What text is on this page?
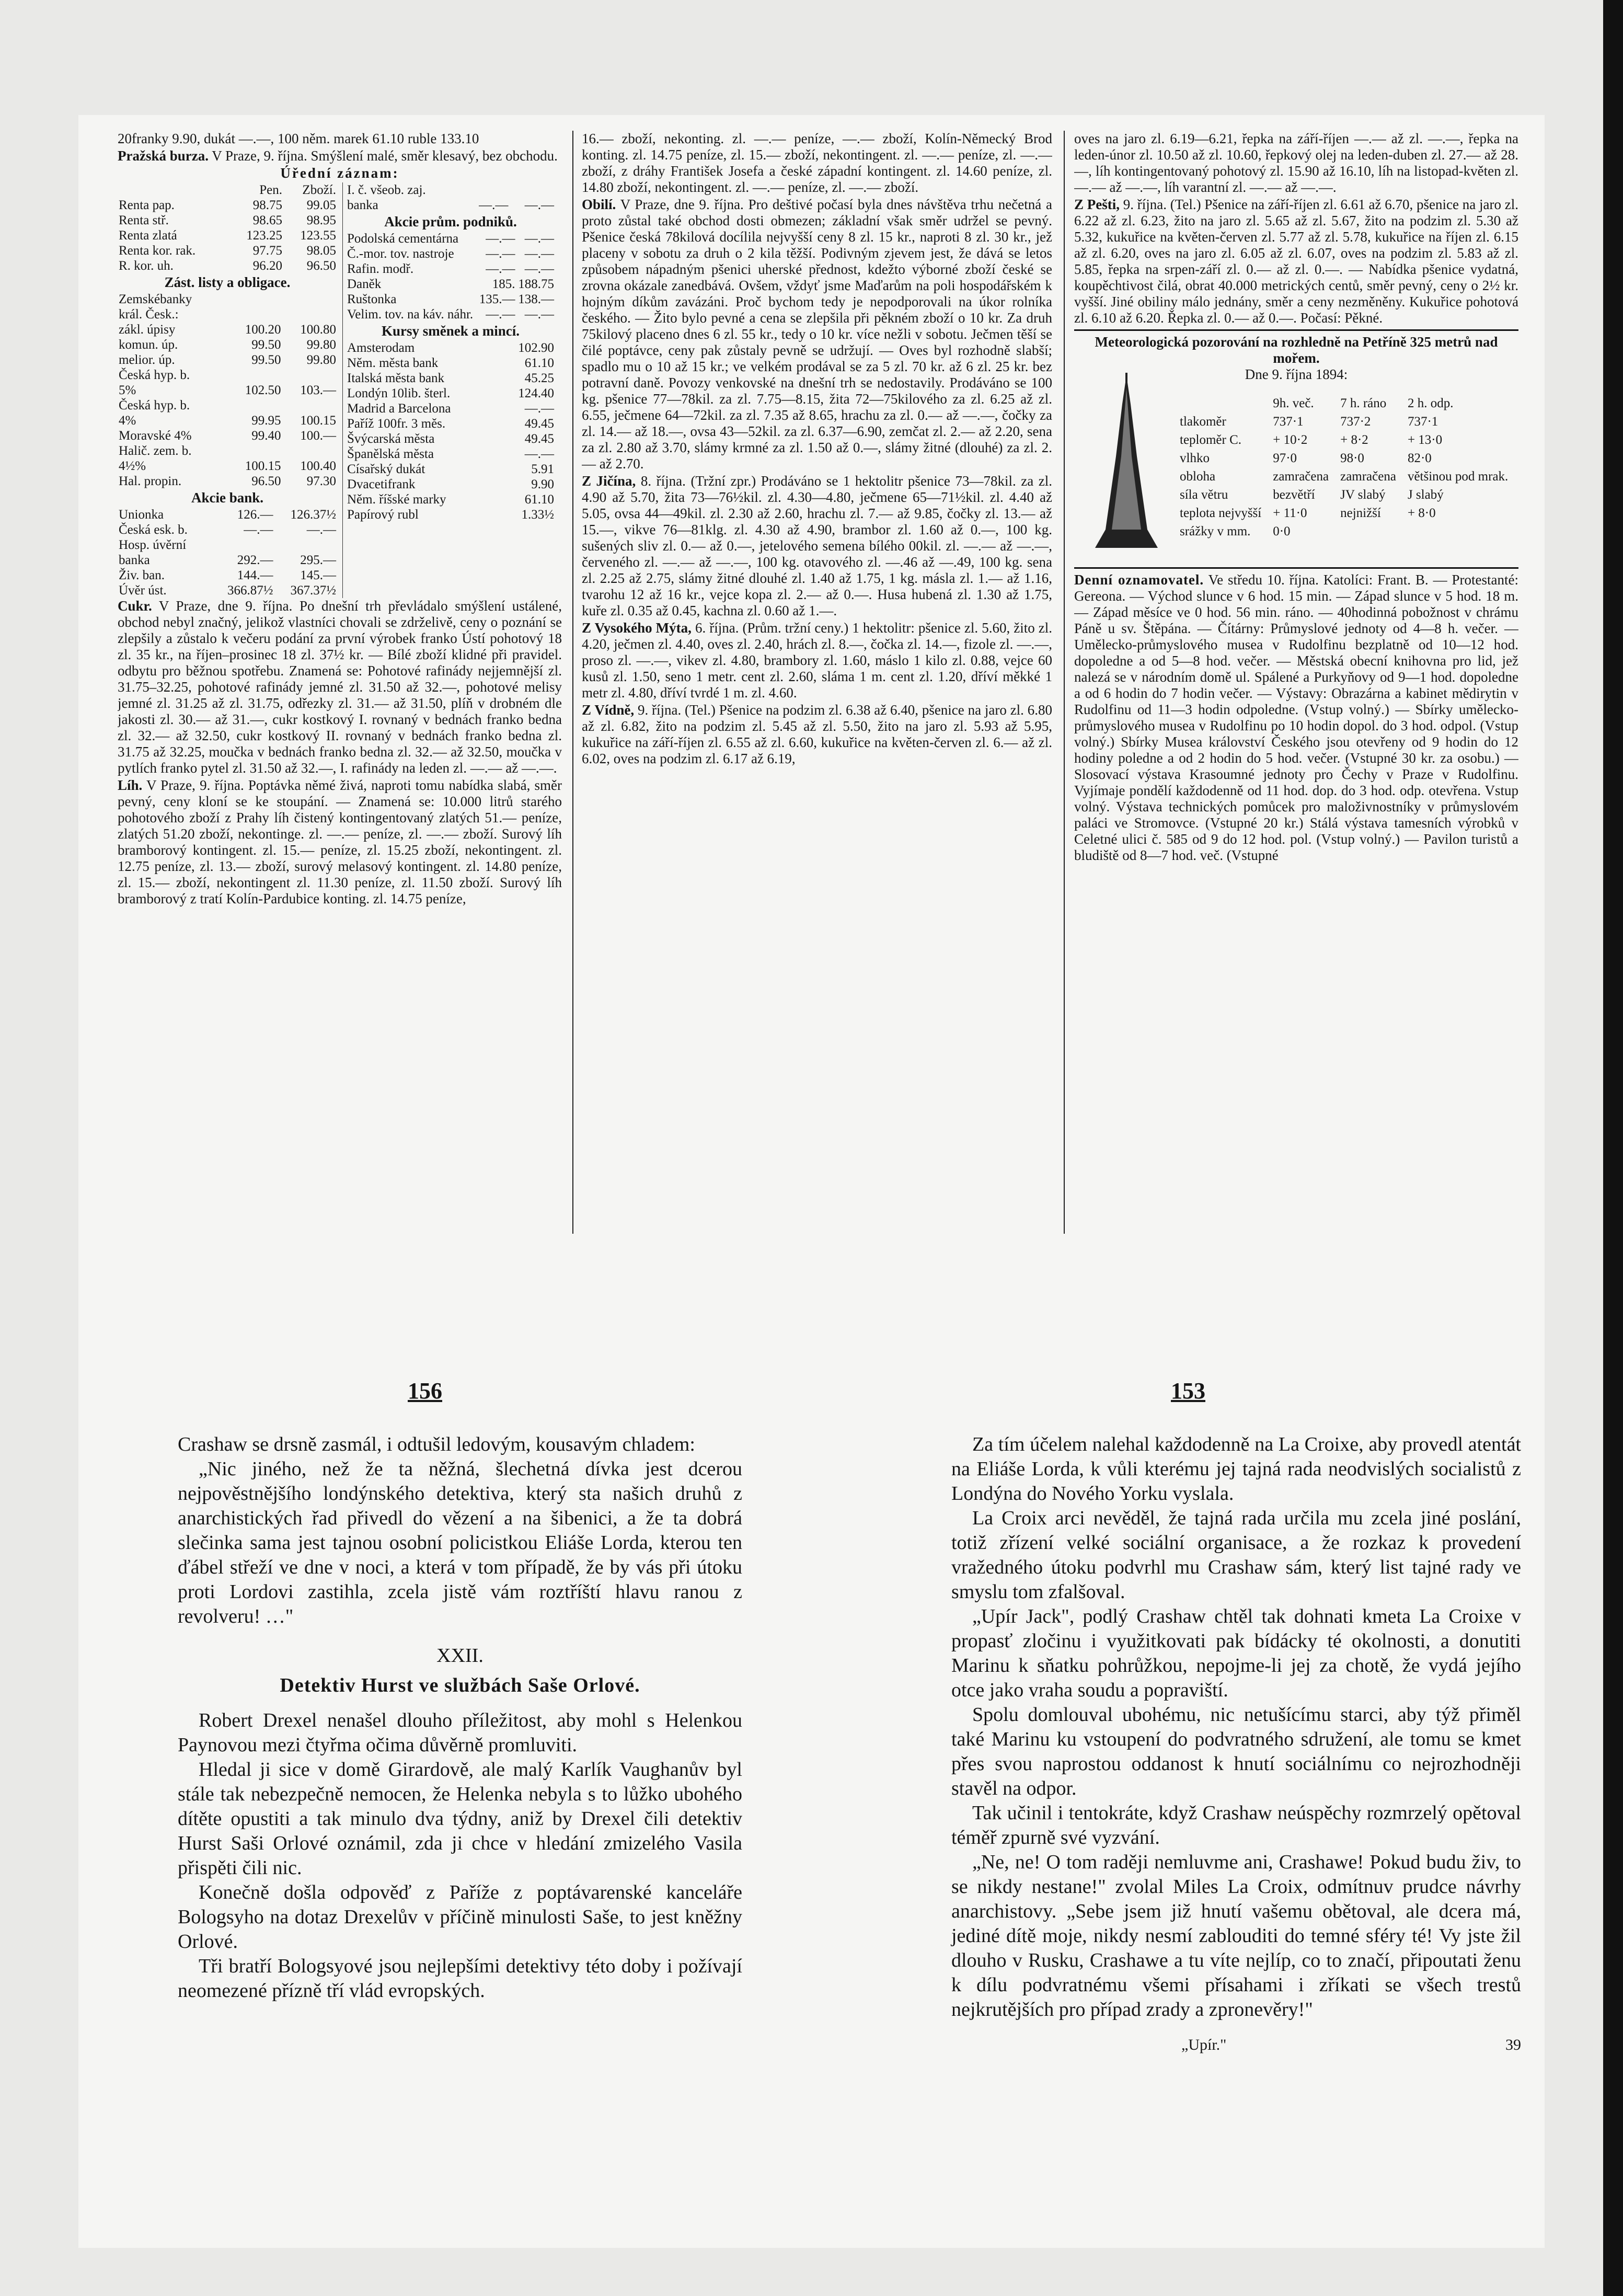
20franky 9.90, dukát —.—, 100 něm. marek 61.10 ruble 133.10

Pražská burza. V Praze, 9. října. Smýšlení malé, směr klesavý, bez obchodu.

Úřední záznam:
	Pen.	Zboží.
Renta pap.	98.75	99.05
Renta stř.	98.65	98.95
Renta zlatá	123.25	123.55
Renta kor. rak.	97.75	98.05
R. kor. uh.	96.20	96.50
Zást. listy a obligace.
Zemskébanky		
král. Česk.:		
zákl. úpisy	100.20	100.80
komun. úp.	99.50	99.80
melior. úp.	99.50	99.80
Česká hyp. b.		
5%	102.50	103.—
Česká hyp. b.		
4%	99.95	100.15
Moravské 4%	99.40	100.—
Halič. zem. b.		
4½%	100.15	100.40
Hal. propin.	96.50	97.30
Akcie bank.
Unionka	126.—	126.37½
Česká esk. b.	—.—	—.—
Hosp. úvěrní		
banka	292.—	295.—
Živ. ban.	144.—	145.—
Úvěr úst.	366.87½	367.37½
I. č. všeob. zaj.		
banka	—.—	—.—
Akcie prům. podniků.
Podolská cementárna	—.—	—.—
Č.-mor. tov. nastroje	—.—	—.—
Rafin. modř.	—.—	—.—
Daněk	185.	188.75
Ruštonka	135.—	138.—
Velim. tov. na káv. náhr.	—.—	—.—
Kursy směnek a mincí.
Amsterodam	102.90
Něm. města bank	61.10
Italská města bank	45.25
Londýn 10lib. šterl.	124.40
Madrid a Barcelona	—.—
Paříž 100fr. 3 měs.	49.45
Švýcarská města	49.45
Španělská města	—.—
Císařský dukát	5.91
Dvacetifrank	9.90
Něm. říšské marky	61.10
Papírový rubl	1.33½

Cukr. V Praze, dne 9. října. Po dnešní trh převládalo smýšlení ustálené, obchod nebyl značný, jelikož vlastníci chovali se zdrželivě, ceny o poznání se zlepšily a zůstalo k večeru podání za první výrobek franko Ústí pohotový 18 zl. 35 kr., na říjen–prosinec 18 zl. 37½ kr. — Bílé zboží klidné při pravidel. odbytu pro běžnou spotřebu. Znamená se: Pohotové rafinády nejjemnější zl. 31.75–32.25, pohotové rafinády jemné zl. 31.50 až 32.—, pohotové melisy jemné zl. 31.25 až zl. 31.75, odřezky zl. 31.— až 31.50, plíň v drobném dle jakosti zl. 30.— až 31.—, cukr kostkový I. rovnaný v bednách franko bedna zl. 32.— až 32.50, cukr kostkový II. rovnaný v bednách franko bedna zl. 31.75 až 32.25, moučka v bednách franko bedna zl. 32.— až 32.50, moučka v pytlích franko pytel zl. 31.50 až 32.—, I. rafinády na leden zl. —.— až —.—.

Líh. V Praze, 9. října. Poptávka němé živá, naproti tomu nabídka slabá, směr pevný, ceny kloní se ke stoupání. — Znamená se: 10.000 litrů starého pohotového zboží z Prahy líh čistený kontingentovaný zlatých 51.— peníze, zlatých 51.20 zboží, nekontinge. zl. —.— peníze, zl. —.— zboží. Surový líh bramborový kontingent. zl. 15.— peníze, zl. 15.25 zboží, nekontingent. zl. 12.75 peníze, zl. 13.— zboží, surový melasový kontingent. zl. 14.80 peníze, zl. 15.— zboží, nekontingent zl. 11.30 peníze, zl. 11.50 zboží. Surový líh bramborový z tratí Kolín-Pardubice konting. zl. 14.75 peníze,

16.— zboží, nekonting. zl. —.— peníze, —.— zboží, Kolín-Německý Brod konting. zl. 14.75 peníze, zl. 15.— zboží, nekontingent. zl. —.— peníze, zl. —.— zboží, z dráhy František Josefa a české západní kontingent. zl. 14.60 peníze, zl. 14.80 zboží, nekontingent. zl. —.— peníze, zl. —.— zboží.

Obilí. V Praze, dne 9. října. Pro deštivé počasí byla dnes návštěva trhu nečetná a proto zůstal také obchod dosti obmezen; základní však směr udržel se pevný. Pšenice česká 78kilová docílila nejvyšší ceny 8 zl. 15 kr., naproti 8 zl. 30 kr., jež placeny v sobotu za druh o 2 kila těžší. Podivným zjevem jest, že dává se letos způsobem nápadným pšenici uherské přednost, kdežto výborné zboží české se zrovna okázale zanedbává. Ovšem, vždyť jsme Maďarům na poli hospodářském k hojným díkům zavázáni. Proč bychom tedy je nepodporovali na úkor rolníka českého. — Žito bylo pevné a cena se zlepšila při pěkném zboží o 10 kr. Za druh 75kilový placeno dnes 6 zl. 55 kr., tedy o 10 kr. více nežli v sobotu. Ječmen těší se čilé poptávce, ceny pak zůstaly pevně se udržují. — Oves byl rozhodně slabší; spadlo mu o 10 až 15 kr.; ve velkém prodával se za 5 zl. 70 kr. až 6 zl. 25 kr. bez potravní daně. Povozy venkovské na dnešní trh se nedostavily. Prodáváno se 100 kg. pšenice 77—78kil. za zl. 7.75—8.15, žita 72—75kilového za zl. 6.25 až zl. 6.55, ječmene 64—72kil. za zl. 7.35 až 8.65, hrachu za zl. 0.— až —.—, čočky za zl. 14.— až 18.—, ovsa 43—52kil. za zl. 6.37—6.90, zemčat zl. 2.— až 2.20, sena za zl. 2.80 až 3.70, slámy krmné za zl. 1.50 až 0.—, slámy žitné (dlouhé) za zl. 2.— až 2.70.

Z Jičína, 8. října. (Tržní zpr.) Prodáváno se 1 hektolitr pšenice 73—78kil. za zl. 4.90 až 5.70, žita 73—76½kil. zl. 4.30—4.80, ječmene 65—71½kil. zl. 4.40 až 5.05, ovsa 44—49kil. zl. 2.30 až 2.60, hrachu zl. 7.— až 9.85, čočky zl. 13.— až 15.—, vikve 76—81klg. zl. 4.30 až 4.90, brambor zl. 1.60 až 0.—, 100 kg. sušených sliv zl. 0.— až 0.—, jetelového semena bílého 00kil. zl. —.— až —.—, červeného zl. —.— až —.—, 100 kg. otavového zl. —.46 až —.49, 100 kg. sena zl. 2.25 až 2.75, slámy žitné dlouhé zl. 1.40 až 1.75, 1 kg. másla zl. 1.— až 1.16, tvarohu 12 až 16 kr., vejce kopa zl. 2.— až 0.—. Husa hubená zl. 1.30 až 1.75, kuře zl. 0.35 až 0.45, kachna zl. 0.60 až 1.—.

Z Vysokého Mýta, 6. října. (Prům. tržní ceny.) 1 hektolitr: pšenice zl. 5.60, žito zl. 4.20, ječmen zl. 4.40, oves zl. 2.40, hrách zl. 8.—, čočka zl. 14.—, fizole zl. —.—, proso zl. —.—, vikev zl. 4.80, brambory zl. 1.60, máslo 1 kilo zl. 0.88, vejce 60 kusů zl. 1.50, seno 1 metr. cent zl. 2.60, sláma 1 m. cent zl. 1.20, dříví měkké 1 metr zl. 4.80, dříví tvrdé 1 m. zl. 4.60.

Z Vídně, 9. října. (Tel.) Pšenice na podzim zl. 6.38 až 6.40, pšenice na jaro zl. 6.80 až zl. 6.82, žito na podzim zl. 5.45 až zl. 5.50, žito na jaro zl. 5.93 až 5.95, kukuřice na září-říjen zl. 6.55 až zl. 6.60, kukuřice na květen-červen zl. 6.— až zl. 6.02, oves na podzim zl. 6.17 až 6.19,

oves na jaro zl. 6.19—6.21, řepka na září-říjen —.— až zl. —.—, řepka na leden-únor zl. 10.50 až zl. 10.60, řepkový olej na leden-duben zl. 27.— až 28.—, líh kontingentovaný pohotový zl. 15.90 až 16.10, líh na listopad-květen zl. —.— až —.—, líh varantní zl. —.— až —.—.

Z Pešti, 9. října. (Tel.) Pšenice na září-říjen zl. 6.61 až 6.70, pšenice na jaro zl. 6.22 až zl. 6.23, žito na jaro zl. 5.65 až zl. 5.67, žito na podzim zl. 5.30 až 5.32, kukuřice na květen-červen zl. 5.77 až zl. 5.78, kukuřice na říjen zl. 6.15 až zl. 6.20, oves na jaro zl. 6.05 až zl. 6.07, oves na podzim zl. 5.83 až zl. 5.85, řepka na srpen-září zl. 0.— až zl. 0.—. — Nabídka pšenice vydatná, koupěchtivost čilá, obrat 40.000 metrických centů, směr pevný, ceny o 2½ kr. vyšší. Jiné obiliny málo jednány, směr a ceny nezměněny. Kukuřice pohotová zl. 6.10 až 6.20. Řepka zl. 0.— až 0.—. Počasí: Pěkné.

Meteorologická pozorování na rozhledně na Petříně 325 metrů nad mořem.
Dne 9. října 1894:
	9h. več.	7 h. ráno	2 h. odp.
tlakoměr	737·1	737·2	737·1
teploměr C.	+ 10·2	+ 8·2	+ 13·0
vlhko	97·0	98·0	82·0
obloha	zamračena	zamračena	většinou pod mrak.
síla větru	bezvětří	JV slabý	J slabý
teplota nejvyšší	+ 11·0	nejnižší	+ 8·0
srážky v mm.	0·0		

Denní oznamovatel. Ve středu 10. října. Katolíci: Frant. B. — Protestanté: Gereona. — Východ slunce v 6 hod. 15 min. — Západ slunce v 5 hod. 18 m. — Západ měsíce ve 0 hod. 56 min. ráno. — 40hodinná pobožnost v chrámu Páně u sv. Štěpána. — Čítárny: Průmyslové jednoty od 4—8 h. večer. — Umělecko-průmyslového musea v Rudolfinu bezplatně od 10—12 hod. dopoledne a od 5—8 hod. večer. — Městská obecní knihovna pro lid, jež nalezá se v národním domě ul. Spálené a Purkyňovy od 9—1 hod. dopoledne a od 6 hodin do 7 hodin večer. — Výstavy: Obrazárna a kabinet mědirytin v Rudolfinu od 11—3 hodin odpoledne. (Vstup volný.) — Sbírky umělecko-průmyslového musea v Rudolfinu po 10 hodin dopol. do 3 hod. odpol. (Vstup volný.) Sbírky Musea království Českého jsou otevřeny od 9 hodin do 12 hodiny poledne a od 2 hodin do 5 hod. večer. (Vstupné 30 kr. za osobu.) — Slosovací výstava Krasoumné jednoty pro Čechy v Praze v Rudolfinu. Vyjímaje pondělí každodenně od 11 hod. dop. do 3 hod. odp. otevřena. Vstup volný. Výstava technických pomůcek pro maloživnostníky v průmyslovém paláci ve Stromovce. (Vstupné 20 kr.) Stálá výstava tamesních výrobků v Celetné ulici č. 585 od 9 do 12 hod. pol. (Vstup volný.) — Pavilon turistů a bludiště od 8—7 hod. več. (Vstupné

156	153

Crashaw se drsně zasmál, i odtušil ledovým, kousavým chladem:

„Nic jiného, než že ta něžná, šlechetná dívka jest dcerou nejpověstnějšího londýnského detektiva, který sta našich druhů z anarchistických řad přivedl do vězení a na šibenici, a že ta dobrá slečinka sama jest tajnou osobní policistkou Eliáše Lorda, kterou ten ďábel střeží ve dne v noci, a která v tom případě, že by vás při útoku proti Lordovi zastihla, zcela jistě vám roztříští hlavu ranou z revolveru! …"

XXII.
Detektiv Hurst ve službách Saše Orlové.

Robert Drexel nenašel dlouho příležitost, aby mohl s Helenkou Paynovou mezi čtyřma očima důvěrně promluviti.

Hledal ji sice v domě Girardově, ale malý Karlík Vaughanův byl stále tak nebezpečně nemocen, že Helenka nebyla s to lůžko ubohého dítěte opustiti a tak minulo dva týdny, aniž by Drexel čili detektiv Hurst Saši Orlové oznámil, zda ji chce v hledání zmizelého Vasila přispěti čili nic.

Konečně došla odpověď z Paříže z poptávarenské kanceláře Bologsyho na dotaz Drexelův v příčině minulosti Saše, to jest kněžny Orlové.

Tři bratří Bologsyové jsou nejlepšími detektivy této doby i požívají neomezené přízně tří vlád evropských.

Za tím účelem nalehal každodenně na La Croixe, aby provedl atentát na Eliáše Lorda, k vůli kterému jej tajná rada neodvislých socialistů z Londýna do Nového Yorku vyslala.

La Croix arci nevěděl, že tajná rada určila mu zcela jiné poslání, totiž zřízení velké sociální organisace, a že rozkaz k provedení vražedného útoku podvrhl mu Crashaw sám, který list tajné rady ve smyslu tom zfalšoval.

„Upír Jack", podlý Crashaw chtěl tak dohnati kmeta La Croixe v propasť zločinu i využitkovati pak bídácky té okolnosti, a donutiti Marinu k sňatku pohrůžkou, nepojme-li jej za chotě, že vydá jejího otce jako vraha soudu a popraviští.

Spolu domlouval ubohému, nic netušícímu starci, aby týž přiměl také Marinu ku vstoupení do podvratného sdružení, ale tomu se kmet přes svou naprostou oddanost k hnutí sociálnímu co nejrozhodněji stavěl na odpor.

Tak učinil i tentokráte, když Crashaw neúspěchy rozmrzelý opětoval téměř zpurně své vyzvání.

„Ne, ne! O tom raději nemluvme ani, Crashawe! Pokud budu živ, to se nikdy nestane!" zvolal Miles La Croix, odmítnuv prudce návrhy anarchistovy. „Sebe jsem již hnutí vašemu obětoval, ale dcera má, jediné dítě moje, nikdy nesmí zablouditi do temné sféry té! Vy jste žil dlouho v Rusku, Crashawe a tu víte nejlíp, co to značí, připoutati ženu k dílu podvratnému všemi přísahami i zříkati se všech trestů nejkrutějších pro případ zrady a zpronevěry!"

„Upír."	39
